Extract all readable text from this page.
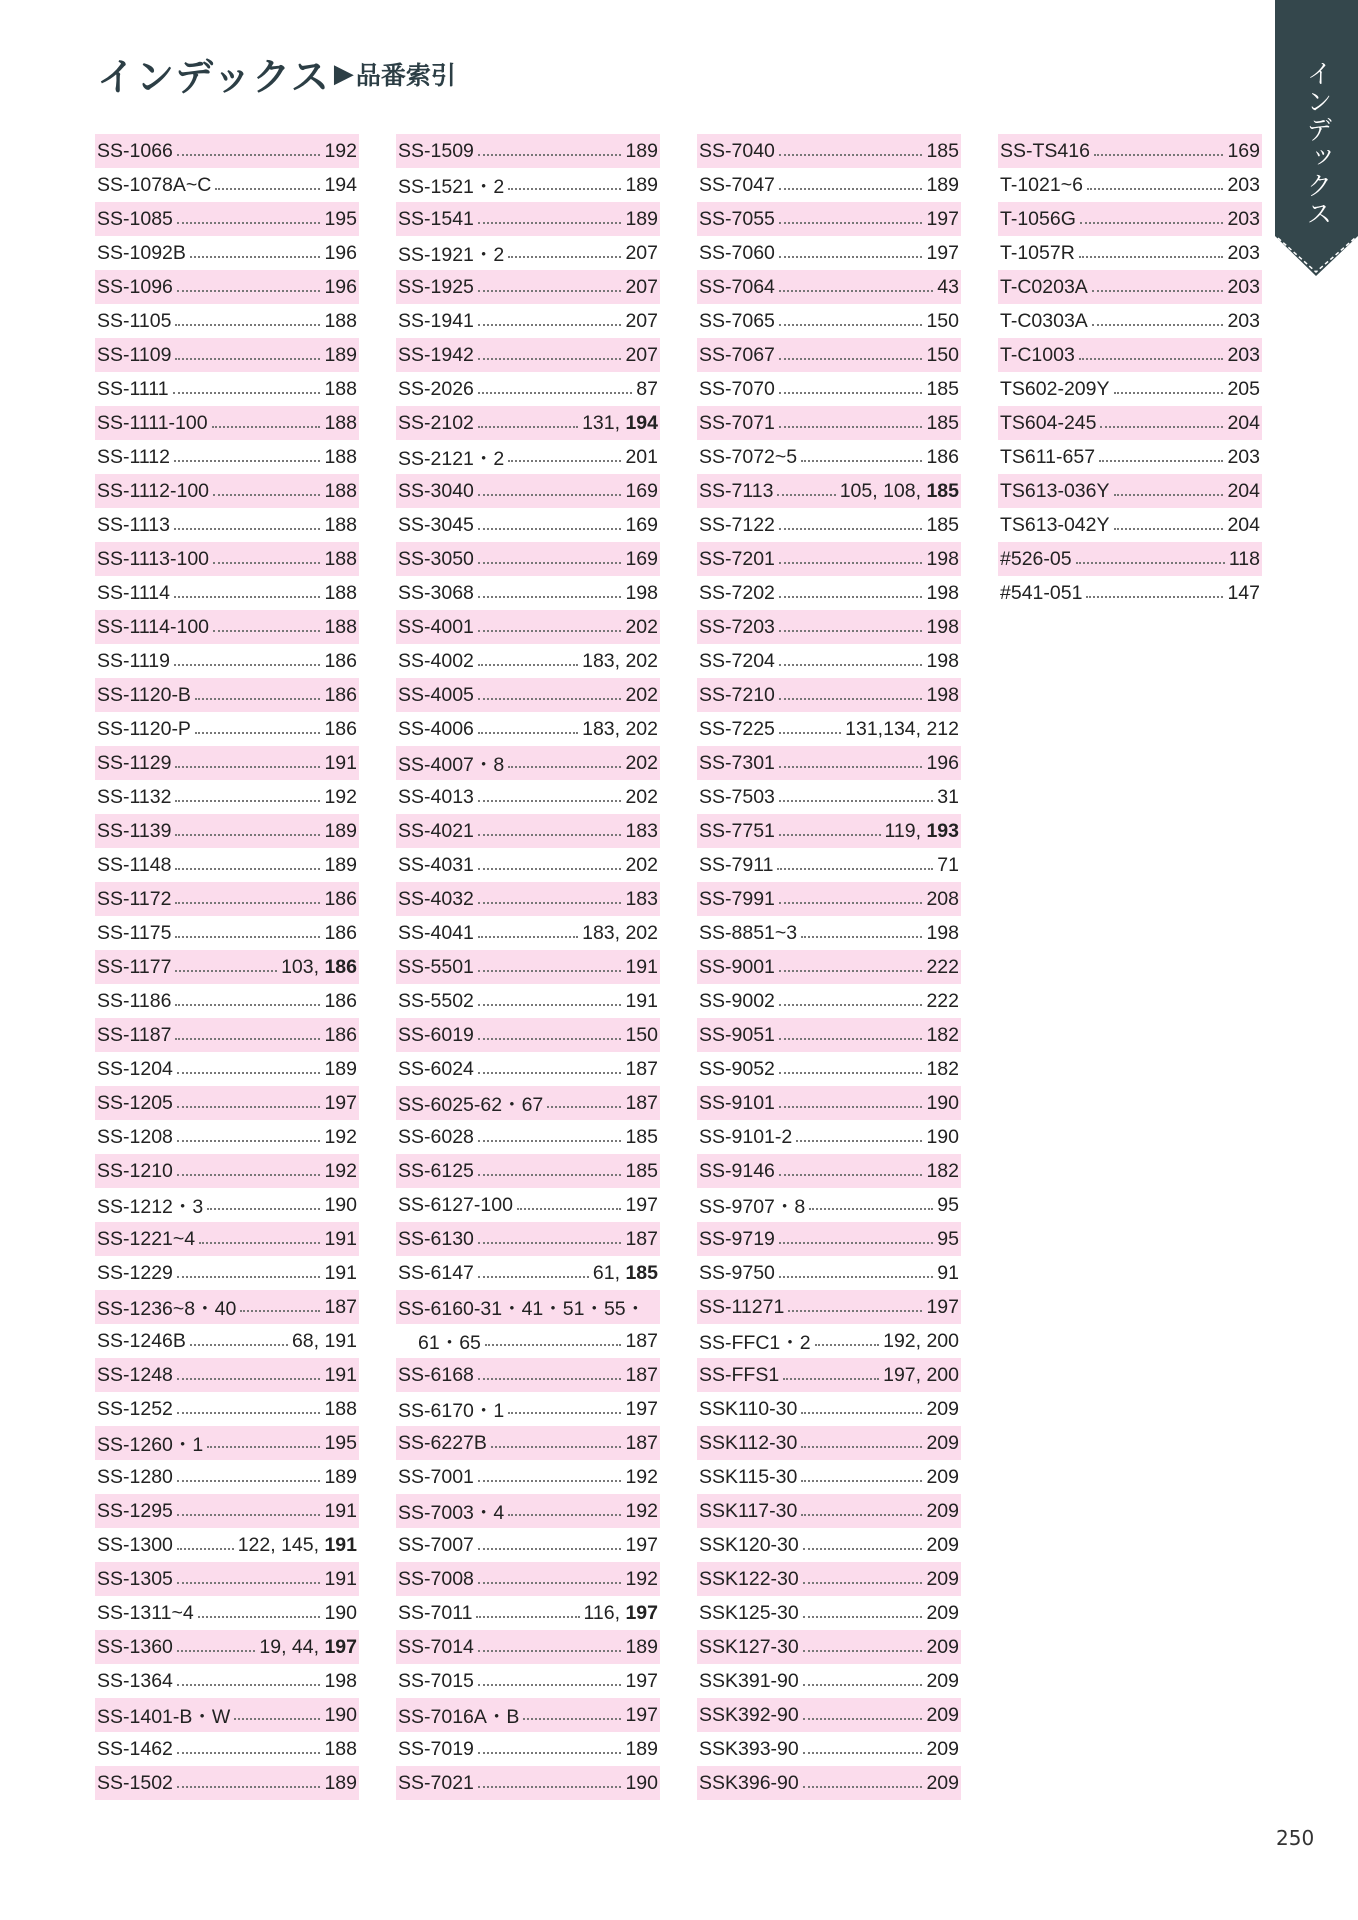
インデックス ▶ 品番索引	インデックス
SS-1066	192
SS-1078A~C	194
SS-1085	195
SS-1092B	196
SS-1096	196
SS-1105	188
SS-1109	189
SS-1111	188
SS-1111-100	188
SS-1112	188
SS-1112-100	188
SS-1113	188
SS-1113-100	188
SS-1114	188
SS-1114-100	188
SS-1119	186
SS-1120-B	186
SS-1120-P	186
SS-1129	191
SS-1132	192
SS-1139	189
SS-1148	189
SS-1172	186
SS-1175	186
SS-1177	103, 186
SS-1186	186
SS-1187	186
SS-1204	189
SS-1205	197
SS-1208	192
SS-1210	192
SS-1212・3	190
SS-1221~4	191
SS-1229	191
SS-1236~8・40	187
SS-1246B	68, 191
SS-1248	191
SS-1252	188
SS-1260・1	195
SS-1280	189
SS-1295	191
SS-1300	122, 145, 191
SS-1305	191
SS-1311~4	190
SS-1360	19, 44, 197
SS-1364	198
SS-1401-B・W	190
SS-1462	188
SS-1502	189
SS-1509	189
SS-1521・2	189
SS-1541	189
SS-1921・2	207
SS-1925	207
SS-1941	207
SS-1942	207
SS-2026	87
SS-2102	131, 194
SS-2121・2	201
SS-3040	169
SS-3045	169
SS-3050	169
SS-3068	198
SS-4001	202
SS-4002	183, 202
SS-4005	202
SS-4006	183, 202
SS-4007・8	202
SS-4013	202
SS-4021	183
SS-4031	202
SS-4032	183
SS-4041	183, 202
SS-5501	191
SS-5502	191
SS-6019	150
SS-6024	187
SS-6025-62・67	187
SS-6028	185
SS-6125	185
SS-6127-100	197
SS-6130	187
SS-6147	61, 185
SS-6160-31・41・51・55・
61・65	187
SS-6168	187
SS-6170・1	197
SS-6227B	187
SS-7001	192
SS-7003・4	192
SS-7007	197
SS-7008	192
SS-7011	116, 197
SS-7014	189
SS-7015	197
SS-7016A・B	197
SS-7019	189
SS-7021	190
SS-7040	185
SS-7047	189
SS-7055	197
SS-7060	197
SS-7064	43
SS-7065	150
SS-7067	150
SS-7070	185
SS-7071	185
SS-7072~5	186
SS-7113	105, 108, 185
SS-7122	185
SS-7201	198
SS-7202	198
SS-7203	198
SS-7204	198
SS-7210	198
SS-7225	131,134, 212
SS-7301	196
SS-7503	31
SS-7751	119, 193
SS-7911	71
SS-7991	208
SS-8851~3	198
SS-9001	222
SS-9002	222
SS-9051	182
SS-9052	182
SS-9101	190
SS-9101-2	190
SS-9146	182
SS-9707・8	95
SS-9719	95
SS-9750	91
SS-11271	197
SS-FFC1・2	192, 200
SS-FFS1	197, 200
SSK110-30	209
SSK112-30	209
SSK115-30	209
SSK117-30	209
SSK120-30	209
SSK122-30	209
SSK125-30	209
SSK127-30	209
SSK391-90	209
SSK392-90	209
SSK393-90	209
SSK396-90	209
SS-TS416	169
T-1021~6	203
T-1056G	203
T-1057R	203
T-C0203A	203
T-C0303A	203
T-C1003	203
TS602-209Y	205
TS604-245	204
TS611-657	203
TS613-036Y	204
TS613-042Y	204
#526-05	118
#541-051	147
250
